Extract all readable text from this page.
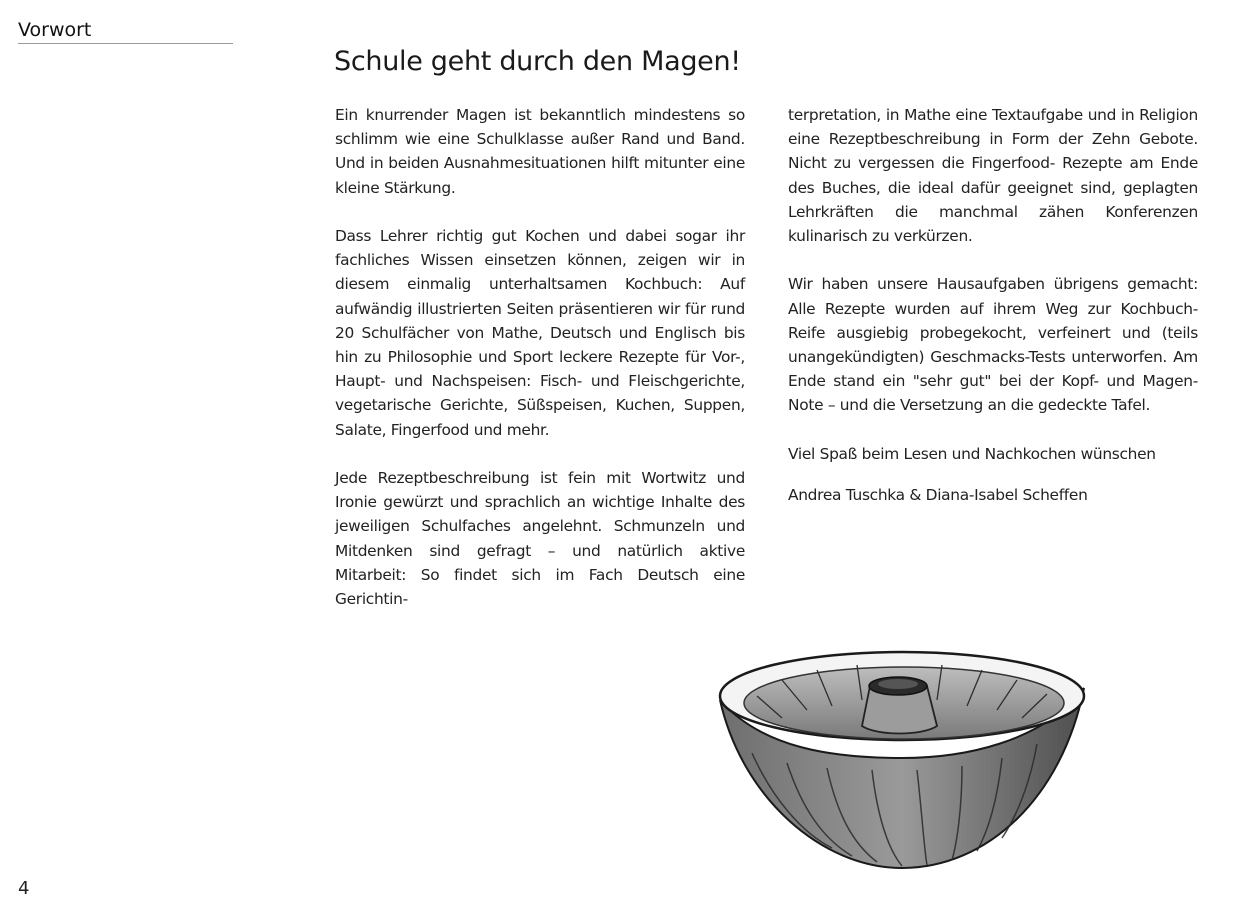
Vorwort
Schule geht durch den Magen!

Ein knurrender Magen ist bekanntlich mindestens so schlimm wie eine Schulklasse außer Rand und Band. Und in beiden Ausnahmesituationen hilft mitunter eine kleine Stärkung.

Dass Lehrer richtig gut Kochen und dabei sogar ihr fachliches Wissen einsetzen können, zeigen wir in diesem einmalig unterhaltsamen Kochbuch: Auf aufwändig illustrierten Seiten präsentieren wir für rund 20 Schulfächer von Mathe, Deutsch und Englisch bis hin zu Philosophie und Sport leckere Rezepte für Vor-, Haupt- und Nachspeisen: Fisch- und Fleischgerichte, vegetarische Gerichte, Süßspeisen, Kuchen, Suppen, Salate, Fingerfood und mehr.

Jede Rezeptbeschreibung ist fein mit Wortwitz und Ironie gewürzt und sprachlich an wichtige Inhalte des jeweiligen Schulfaches angelehnt. Schmunzeln und Mitdenken sind gefragt – und natürlich aktive Mitarbeit: So findet sich im Fach Deutsch eine Gerichtin-

terpretation, in Mathe eine Textaufgabe und in Religion eine Rezeptbeschreibung in Form der Zehn Gebote. Nicht zu vergessen die Fingerfood- Rezepte am Ende des Buches, die ideal dafür geeignet sind, geplagten Lehrkräften die manchmal zähen Konferenzen kulinarisch zu verkürzen.

Wir haben unsere Hausaufgaben übrigens gemacht: Alle Rezepte wurden auf ihrem Weg zur Kochbuch-Reife ausgiebig probegekocht, verfeinert und (teils unangekündigten) Geschmacks-Tests unterworfen. Am Ende stand ein "sehr gut" bei der Kopf- und Magen-Note – und die Versetzung an die gedeckte Tafel.

Viel Spaß beim Lesen und Nachkochen wünschen

Andrea Tuschka & Diana-Isabel Scheffen

4
